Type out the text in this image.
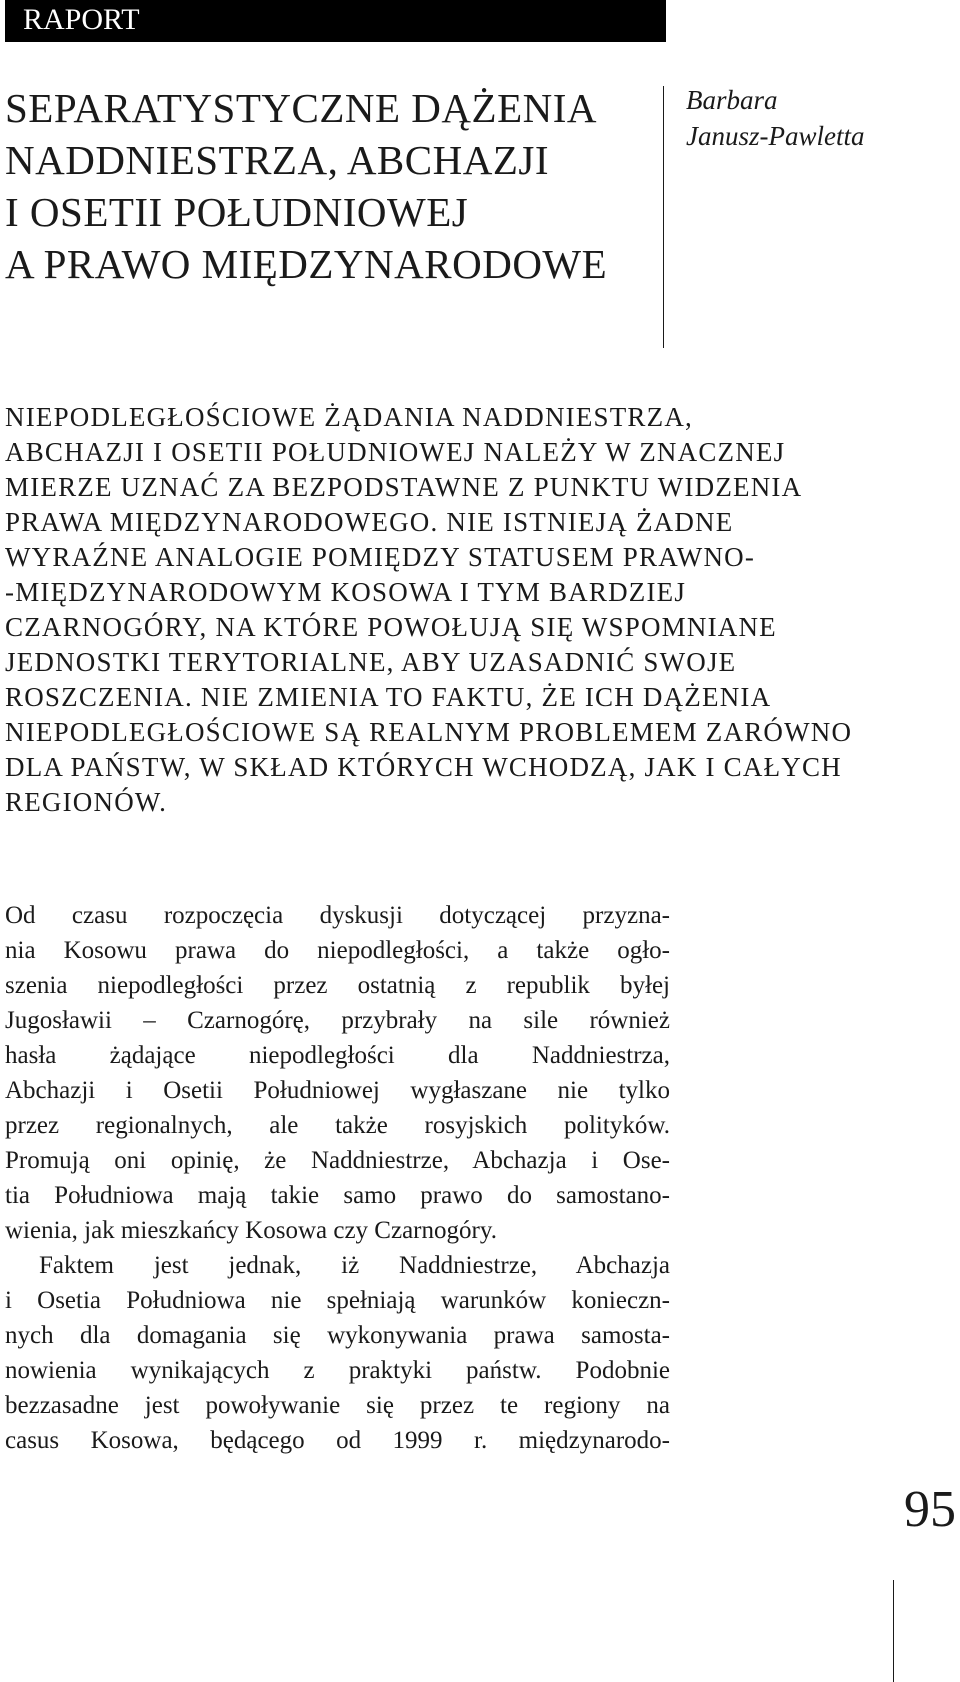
RAPORT
SEPARATYSTYCZNE DĄŻENIA
NADDNIESTRZA, ABCHAZJI
I OSETII POŁUDNIOWEJ
A PRAWO MIĘDZYNARODOWE
Barbara
Janusz-Pawletta

NIEPODLEGŁOŚCIOWE ŻĄDANIA NADDNIESTRZA,
ABCHAZJI I OSETII POŁUDNIOWEJ NALEŻY W ZNACZNEJ
MIERZE UZNAĆ ZA BEZPODSTAWNE Z PUNKTU WIDZENIA
PRAWA MIĘDZYNARODOWEGO. NIE ISTNIEJĄ ŻADNE
WYRAŹNE ANALOGIE POMIĘDZY STATUSEM PRAWNO-
-MIĘDZYNARODOWYM KOSOWA I TYM BARDZIEJ
CZARNOGÓRY, NA KTÓRE POWOŁUJĄ SIĘ WSPOMNIANE
JEDNOSTKI TERYTORIALNE, ABY UZASADNIĆ SWOJE
ROSZCZENIA. NIE ZMIENIA TO FAKTU, ŻE ICH DĄŻENIA
NIEPODLEGŁOŚCIOWE SĄ REALNYM PROBLEMEM ZARÓWNO
DLA PAŃSTW, W SKŁAD KTÓRYCH WCHODZĄ, JAK I CAŁYCH
REGIONÓW.

Od czasu rozpoczęcia dyskusji dotyczącej przyzna-
nia Kosowu prawa do niepodległości, a także ogło-
szenia niepodległości przez ostatnią z republik byłej
Jugosławii – Czarnogórę, przybrały na sile również
hasła żądające niepodległości dla Naddniestrza,
Abchazji i Osetii Południowej wygłaszane nie tylko
przez regionalnych, ale także rosyjskich polityków.
Promują oni opinię, że Naddniestrze, Abchazja i Ose-
tia Południowa mają takie samo prawo do samostano-
wienia, jak mieszkańcy Kosowa czy Czarnogóry.
Faktem jest jednak, iż Naddniestrze, Abchazja
i Osetia Południowa nie spełniają warunków konieczn-
nych dla domagania się wykonywania prawa samosta-
nowienia wynikających z praktyki państw. Podobnie
bezzasadne jest powoływanie się przez te regiony na
casus Kosowa, będącego od 1999 r. międzynarodo-
95
